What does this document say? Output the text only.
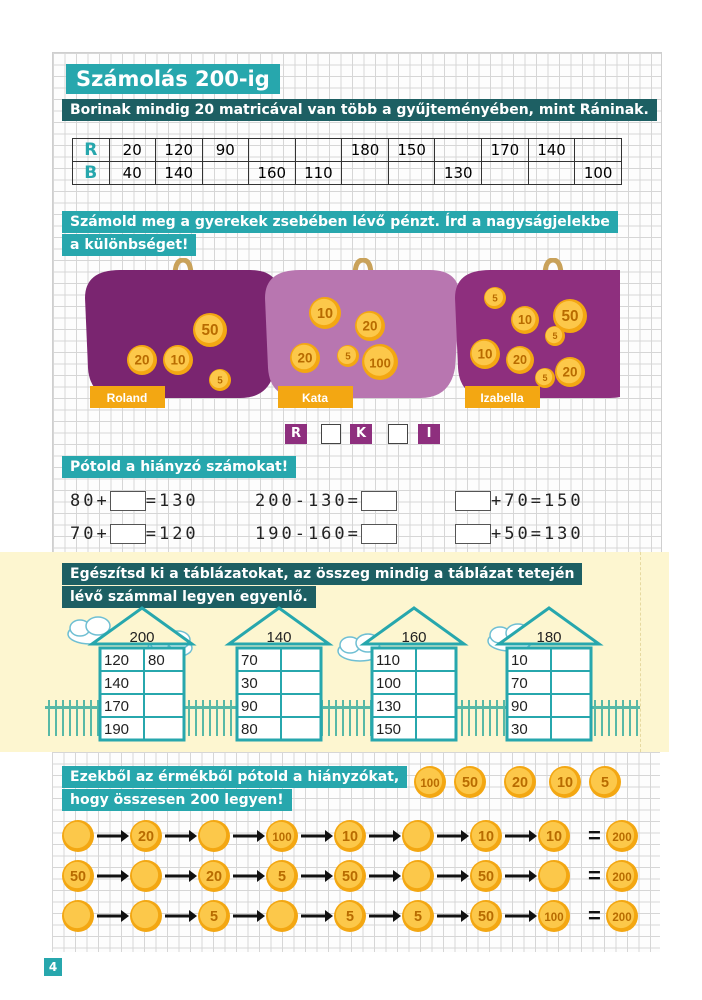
Számolás 200-ig
Borinak mindig 20 matricával van több a gyűjteményében, mint Ráninak.
R	20	120	90			180	150		170	140	
B	40	140		160	110			130			100
Számold meg a gyerekek zsebében lévő pénzt. Írd a nagyságjelekbe
a különbséget!
50
20 10
5
Roland
10
20
20	5 100
Kata
5
10 50
5
10 20
5 20
Izabella
R	K	I
Pótold a hiányzó számokat!
80+ =130	200-130=	+70=150
70+ =120	190-160=	+50=130
Egészítsd ki a táblázatokat, az összeg mindig a táblázat tetején
lévő számmal legyen egyenlő.
200
120 80
140
170
190
140
70
30
90
80
160
110
100
130
150
180
10
70
90
30
Ezekből az érmékből pótold a hiányzókat,
hogy összesen 200 legyen!
100 50 20 10 5
20	100	10	10	10 = 200
50	20	5	50	50	= 200
5	5	5	50	100 = 200
4
